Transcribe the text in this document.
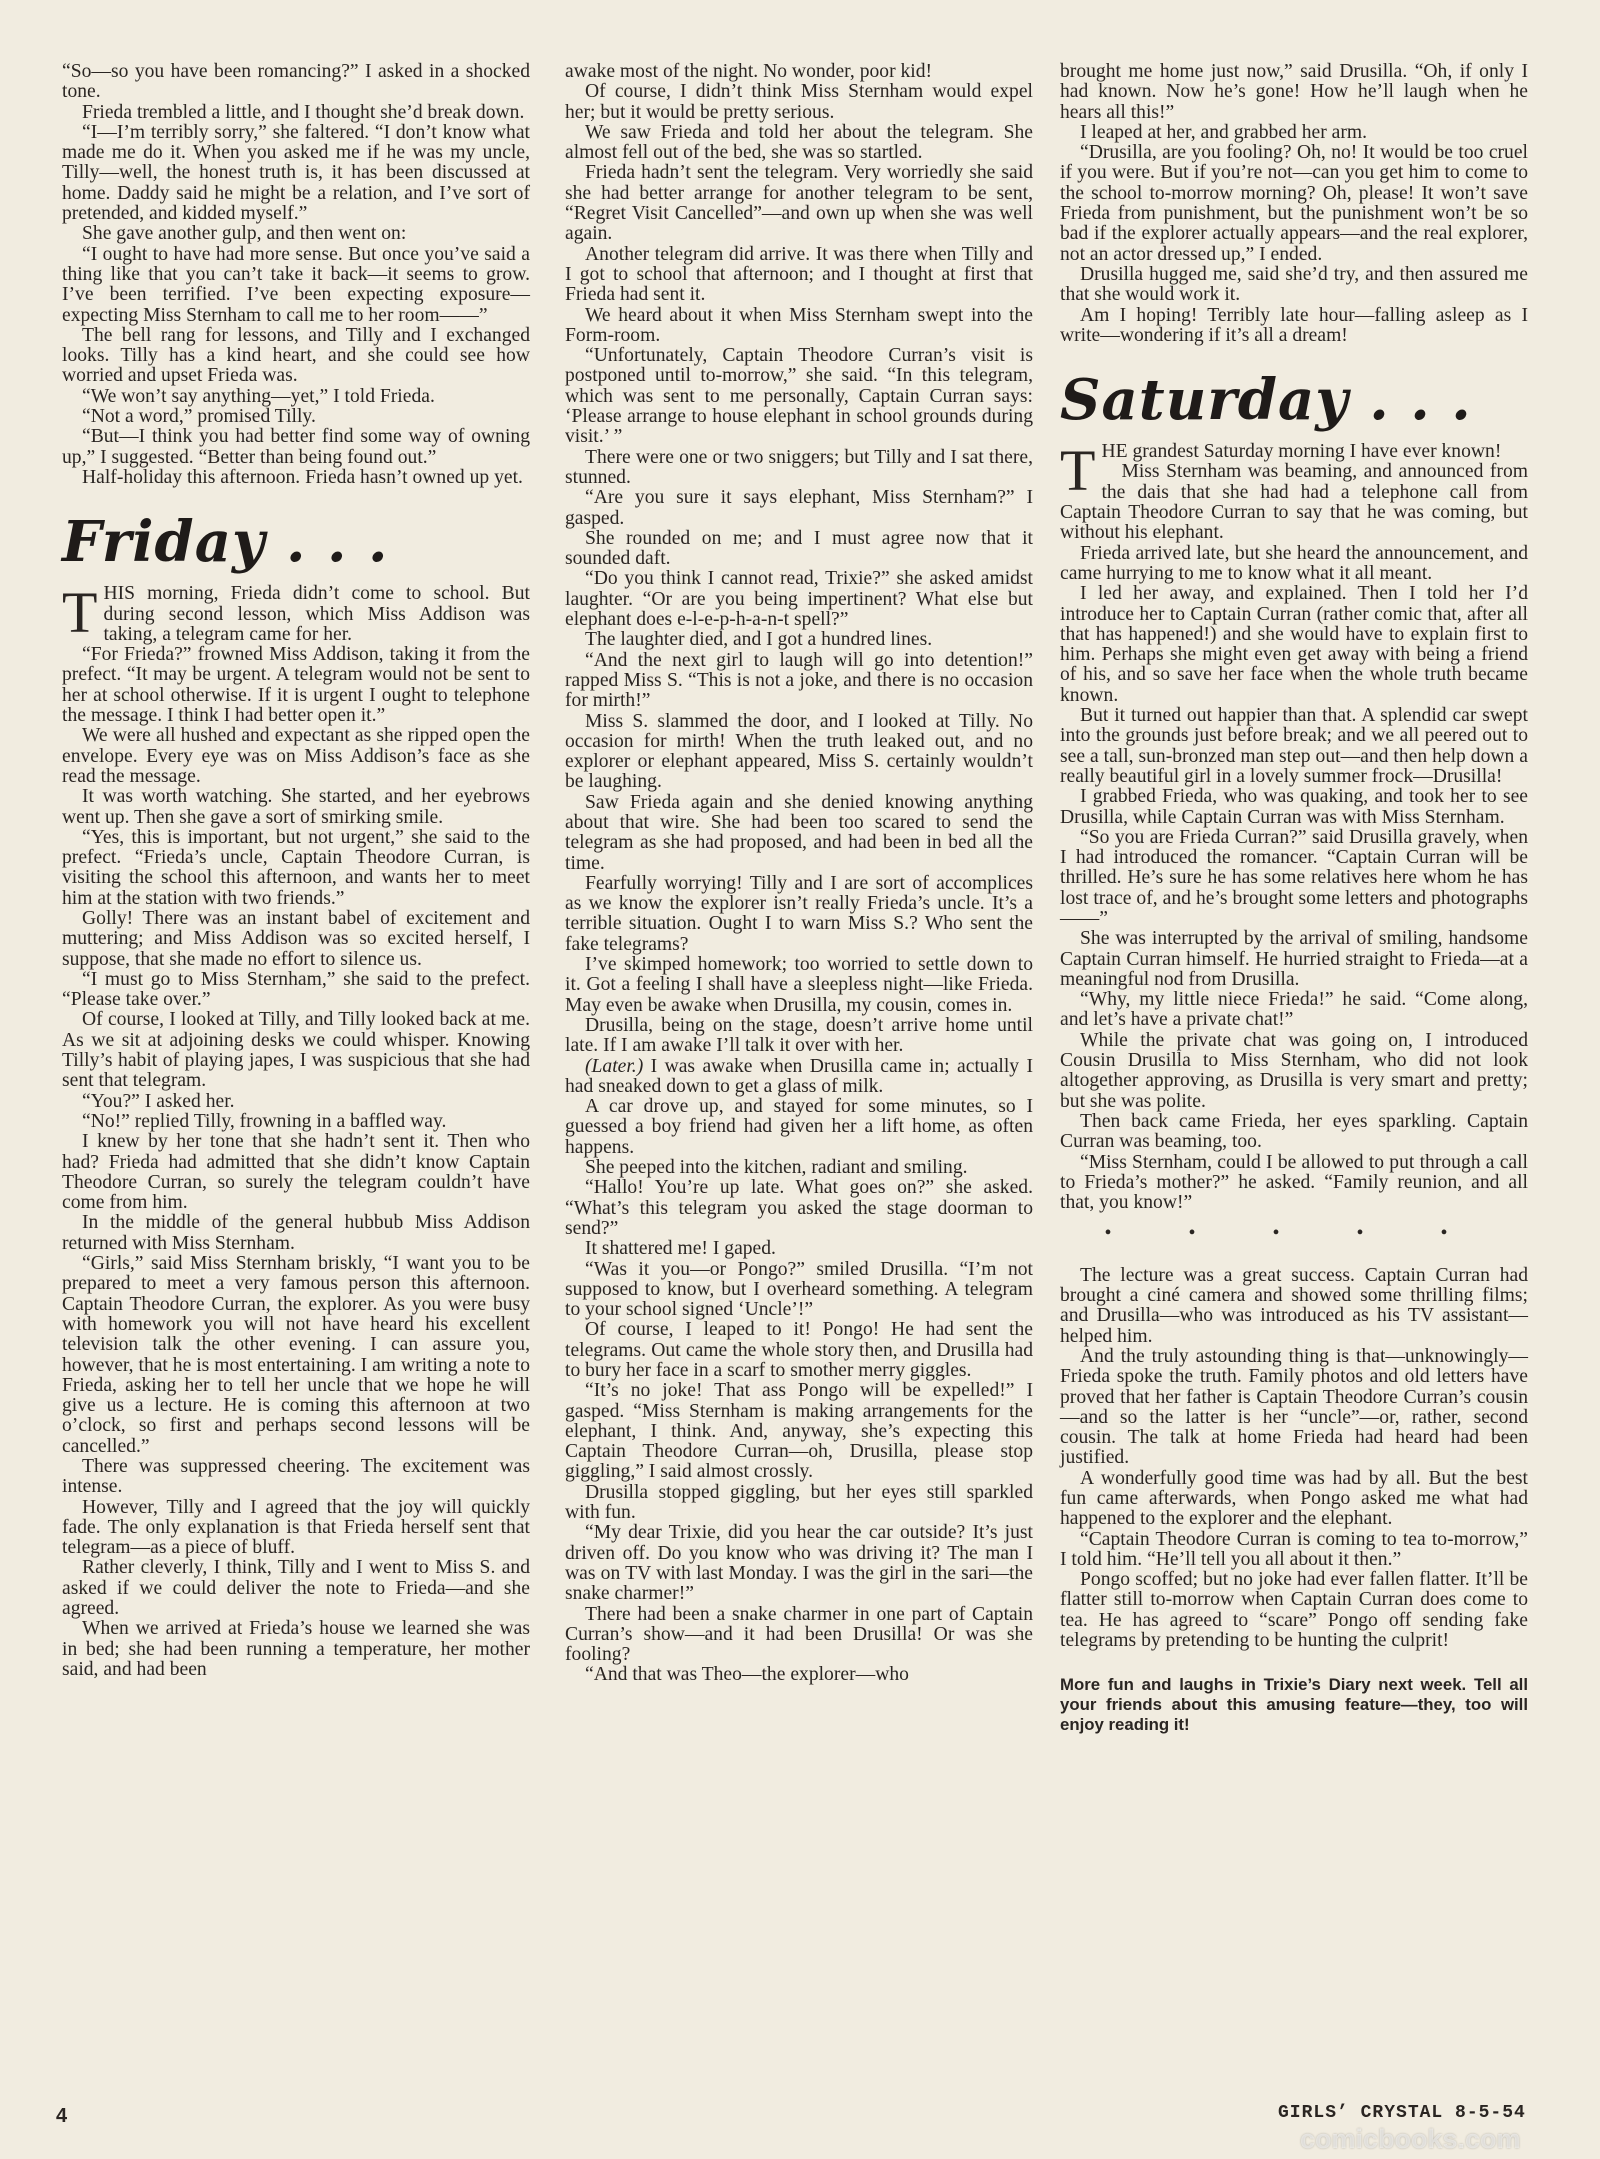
“So—so you have been romancing?” I asked in a shocked tone.

Frieda trembled a little, and I thought she’d break down.

“I—I’m terribly sorry,” she faltered. “I don’t know what made me do it. When you asked me if he was my uncle, Tilly—well, the honest truth is, it has been discussed at home. Daddy said he might be a relation, and I’ve sort of pretended, and kidded myself.”

She gave another gulp, and then went on:

“I ought to have had more sense. But once you’ve said a thing like that you can’t take it back—it seems to grow. I’ve been terrified. I’ve been expecting exposure—expecting Miss Sternham to call me to her room——”

The bell rang for lessons, and Tilly and I exchanged looks. Tilly has a kind heart, and she could see how worried and upset Frieda was.

“We won’t say anything—yet,” I told Frieda.

“Not a word,” promised Tilly.

“But—I think you had better find some way of owning up,” I suggested. “Better than being found out.”

Half-holiday this afternoon. Frieda hasn’t owned up yet.

Friday . . .

THIS morning, Frieda didn’t come to school. But during second lesson, which Miss Addison was taking, a telegram came for her.

“For Frieda?” frowned Miss Addison, taking it from the prefect. “It may be urgent. A telegram would not be sent to her at school otherwise. If it is urgent I ought to telephone the message. I think I had better open it.”

We were all hushed and expectant as she ripped open the envelope. Every eye was on Miss Addison’s face as she read the message.

It was worth watching. She started, and her eyebrows went up. Then she gave a sort of smirking smile.

“Yes, this is important, but not urgent,” she said to the prefect. “Frieda’s uncle, Captain Theodore Curran, is visiting the school this afternoon, and wants her to meet him at the station with two friends.”

Golly! There was an instant babel of excitement and muttering; and Miss Addison was so excited herself, I suppose, that she made no effort to silence us.

“I must go to Miss Sternham,” she said to the prefect. “Please take over.”

Of course, I looked at Tilly, and Tilly looked back at me. As we sit at adjoining desks we could whisper. Knowing Tilly’s habit of playing japes, I was suspicious that she had sent that telegram.

“You?” I asked her.

“No!” replied Tilly, frowning in a baffled way.

I knew by her tone that she hadn’t sent it. Then who had? Frieda had admitted that she didn’t know Captain Theodore Curran, so surely the telegram couldn’t have come from him.

In the middle of the general hubbub Miss Addison returned with Miss Sternham.

“Girls,” said Miss Sternham briskly, “I want you to be prepared to meet a very famous person this afternoon. Captain Theodore Curran, the explorer. As you were busy with homework you will not have heard his excellent television talk the other evening. I can assure you, however, that he is most entertaining. I am writing a note to Frieda, asking her to tell her uncle that we hope he will give us a lecture. He is coming this afternoon at two o’clock, so first and perhaps second lessons will be cancelled.”

There was suppressed cheering. The excitement was intense.

However, Tilly and I agreed that the joy will quickly fade. The only explanation is that Frieda herself sent that telegram—as a piece of bluff.

Rather cleverly, I think, Tilly and I went to Miss S. and asked if we could deliver the note to Frieda—and she agreed.

When we arrived at Frieda’s house we learned she was in bed; she had been running a temperature, her mother said, and had been

awake most of the night. No wonder, poor kid!

Of course, I didn’t think Miss Sternham would expel her; but it would be pretty serious.

We saw Frieda and told her about the telegram. She almost fell out of the bed, she was so startled.

Frieda hadn’t sent the telegram. Very worriedly she said she had better arrange for another telegram to be sent, “Regret Visit Cancelled”—and own up when she was well again.

Another telegram did arrive. It was there when Tilly and I got to school that afternoon; and I thought at first that Frieda had sent it.

We heard about it when Miss Sternham swept into the Form-room.

“Unfortunately, Captain Theodore Curran’s visit is postponed until to-morrow,” she said. “In this telegram, which was sent to me personally, Captain Curran says: ‘Please arrange to house elephant in school grounds during visit.’ ”

There were one or two sniggers; but Tilly and I sat there, stunned.

“Are you sure it says elephant, Miss Sternham?” I gasped.

She rounded on me; and I must agree now that it sounded daft.

“Do you think I cannot read, Trixie?” she asked amidst laughter. “Or are you being impertinent? What else but elephant does e-l-e-p-h-a-n-t spell?”

The laughter died, and I got a hundred lines.

“And the next girl to laugh will go into detention!” rapped Miss S. “This is not a joke, and there is no occasion for mirth!”

Miss S. slammed the door, and I looked at Tilly. No occasion for mirth! When the truth leaked out, and no explorer or elephant appeared, Miss S. certainly wouldn’t be laughing.

Saw Frieda again and she denied knowing anything about that wire. She had been too scared to send the telegram as she had proposed, and had been in bed all the time.

Fearfully worrying! Tilly and I are sort of accomplices as we know the explorer isn’t really Frieda’s uncle. It’s a terrible situation. Ought I to warn Miss S.? Who sent the fake telegrams?

I’ve skimped homework; too worried to settle down to it. Got a feeling I shall have a sleepless night—like Frieda. May even be awake when Drusilla, my cousin, comes in.

Drusilla, being on the stage, doesn’t arrive home until late. If I am awake I’ll talk it over with her.

(Later.) I was awake when Drusilla came in; actually I had sneaked down to get a glass of milk.

A car drove up, and stayed for some minutes, so I guessed a boy friend had given her a lift home, as often happens.

She peeped into the kitchen, radiant and smiling.

“Hallo! You’re up late. What goes on?” she asked. “What’s this telegram you asked the stage doorman to send?”

It shattered me! I gaped.

“Was it you—or Pongo?” smiled Drusilla. “I’m not supposed to know, but I overheard something. A telegram to your school signed ‘Uncle’!”

Of course, I leaped to it! Pongo! He had sent the telegrams. Out came the whole story then, and Drusilla had to bury her face in a scarf to smother merry giggles.

“It’s no joke! That ass Pongo will be expelled!” I gasped. “Miss Sternham is making arrangements for the elephant, I think. And, anyway, she’s expecting this Captain Theodore Curran—oh, Drusilla, please stop giggling,” I said almost crossly.

Drusilla stopped giggling, but her eyes still sparkled with fun.

“My dear Trixie, did you hear the car outside? It’s just driven off. Do you know who was driving it? The man I was on TV with last Monday. I was the girl in the sari—the snake charmer!”

There had been a snake charmer in one part of Captain Curran’s show—and it had been Drusilla! Or was she fooling?

“And that was Theo—the explorer—who

brought me home just now,” said Drusilla. “Oh, if only I had known. Now he’s gone! How he’ll laugh when he hears all this!”

I leaped at her, and grabbed her arm.

“Drusilla, are you fooling? Oh, no! It would be too cruel if you were. But if you’re not—can you get him to come to the school to-morrow morning? Oh, please! It won’t save Frieda from punishment, but the punishment won’t be so bad if the explorer actually appears—and the real explorer, not an actor dressed up,” I ended.

Drusilla hugged me, said she’d try, and then assured me that she would work it.

Am I hoping! Terribly late hour—falling asleep as I write—wondering if it’s all a dream!

Saturday . . .

THE grandest Saturday morning I have ever known!

Miss Sternham was beaming, and announced from the dais that she had had a telephone call from Captain Theodore Curran to say that he was coming, but without his elephant.

Frieda arrived late, but she heard the announcement, and came hurrying to me to know what it all meant.

I led her away, and explained. Then I told her I’d introduce her to Captain Curran (rather comic that, after all that has happened!) and she would have to explain first to him. Perhaps she might even get away with being a friend of his, and so save her face when the whole truth became known.

But it turned out happier than that. A splendid car swept into the grounds just before break; and we all peered out to see a tall, sun-bronzed man step out—and then help down a really beautiful girl in a lovely summer frock—Drusilla!

I grabbed Frieda, who was quaking, and took her to see Drusilla, while Captain Curran was with Miss Sternham.

“So you are Frieda Curran?” said Drusilla gravely, when I had introduced the romancer. “Captain Curran will be thrilled. He’s sure he has some relatives here whom he has lost trace of, and he’s brought some letters and photographs——”

She was interrupted by the arrival of smiling, handsome Captain Curran himself. He hurried straight to Frieda—at a meaningful nod from Drusilla.

“Why, my little niece Frieda!” he said. “Come along, and let’s have a private chat!”

While the private chat was going on, I introduced Cousin Drusilla to Miss Sternham, who did not look altogether approving, as Drusilla is very smart and pretty; but she was polite.

Then back came Frieda, her eyes sparkling. Captain Curran was beaming, too.

“Miss Sternham, could I be allowed to put through a call to Frieda’s mother?” he asked. “Family reunion, and all that, you know!”

• • • • •

The lecture was a great success. Captain Curran had brought a ciné camera and showed some thrilling films; and Drusilla—who was introduced as his TV assistant—helped him.

And the truly astounding thing is that—unknowingly—Frieda spoke the truth. Family photos and old letters have proved that her father is Captain Theodore Curran’s cousin—and so the latter is her “uncle”—or, rather, second cousin. The talk at home Frieda had heard had been justified.

A wonderfully good time was had by all. But the best fun came afterwards, when Pongo asked me what had happened to the explorer and the elephant.

“Captain Theodore Curran is coming to tea to-morrow,” I told him. “He’ll tell you all about it then.”

Pongo scoffed; but no joke had ever fallen flatter. It’ll be flatter still to-morrow when Captain Curran does come to tea. He has agreed to “scare” Pongo off sending fake telegrams by pretending to be hunting the culprit!

More fun and laughs in Trixie’s Diary next week. Tell all your friends about this amusing feature—they, too will enjoy reading it!
4	GIRLS’ CRYSTAL 8-5-54
comicbooks.com
